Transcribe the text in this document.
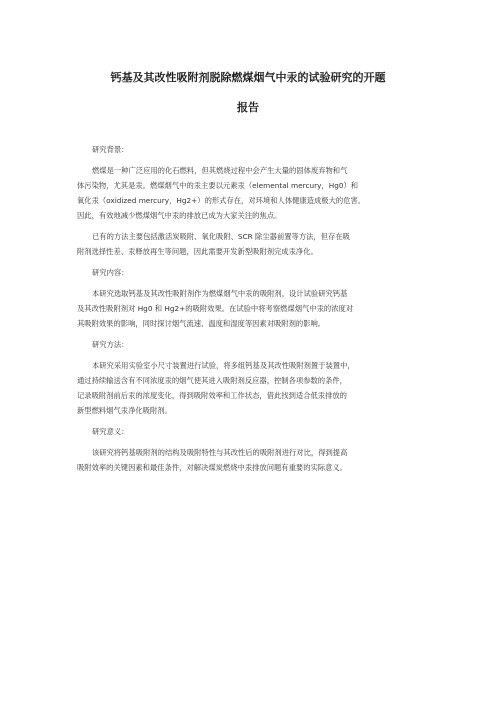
钙基及其改性吸附剂脱除燃煤烟气中汞的试验研究的开题
报告
研究背景：
燃煤是一种广泛应用的化石燃料，但其燃烧过程中会产生大量的固体废弃物和气
体污染物，尤其是汞。燃煤烟气中的汞主要以元素汞（elemental mercury，Hg0）和
氧化汞（oxidized mercury，Hg2+）的形式存在，对环境和人体健康造成极大的危害。
因此，有效地减少燃煤烟气中汞的排放已成为大家关注的焦点。
已有的方法主要包括激活炭吸附、氧化吸附、SCR 除尘器前置等方法，但存在吸
附剂选择性差、汞释放再生等问题，因此需要开发新型吸附剂完成汞净化。
研究内容：
本研究选取钙基及其改性吸附剂作为燃煤烟气中汞的吸附剂，设计试验研究钙基
及其改性吸附剂对 Hg0 和 Hg2+的吸附效果。在试验中将考察燃煤烟气中汞的浓度对
其吸附效果的影响，同时探讨烟气流速、温度和湿度等因素对吸附剂的影响。
研究方法：
本研究采用实验室小尺寸装置进行试验，将多组钙基及其改性吸附剂置于装置中，
通过持续输送含有不同浓度汞的烟气使其进入吸附剂反应器，控制各项参数的条件，
记录吸附剂前后汞的浓度变化，得到吸附效率和工作状态，借此找到适合低汞排放的
新型燃料烟气汞净化吸附剂。
研究意义：
该研究将钙基吸附剂的结构及吸附特性与其改性后的吸附剂进行对比，得到提高
吸附效率的关键因素和最佳条件，对解决煤炭燃烧中汞排放问题有重要的实际意义。
